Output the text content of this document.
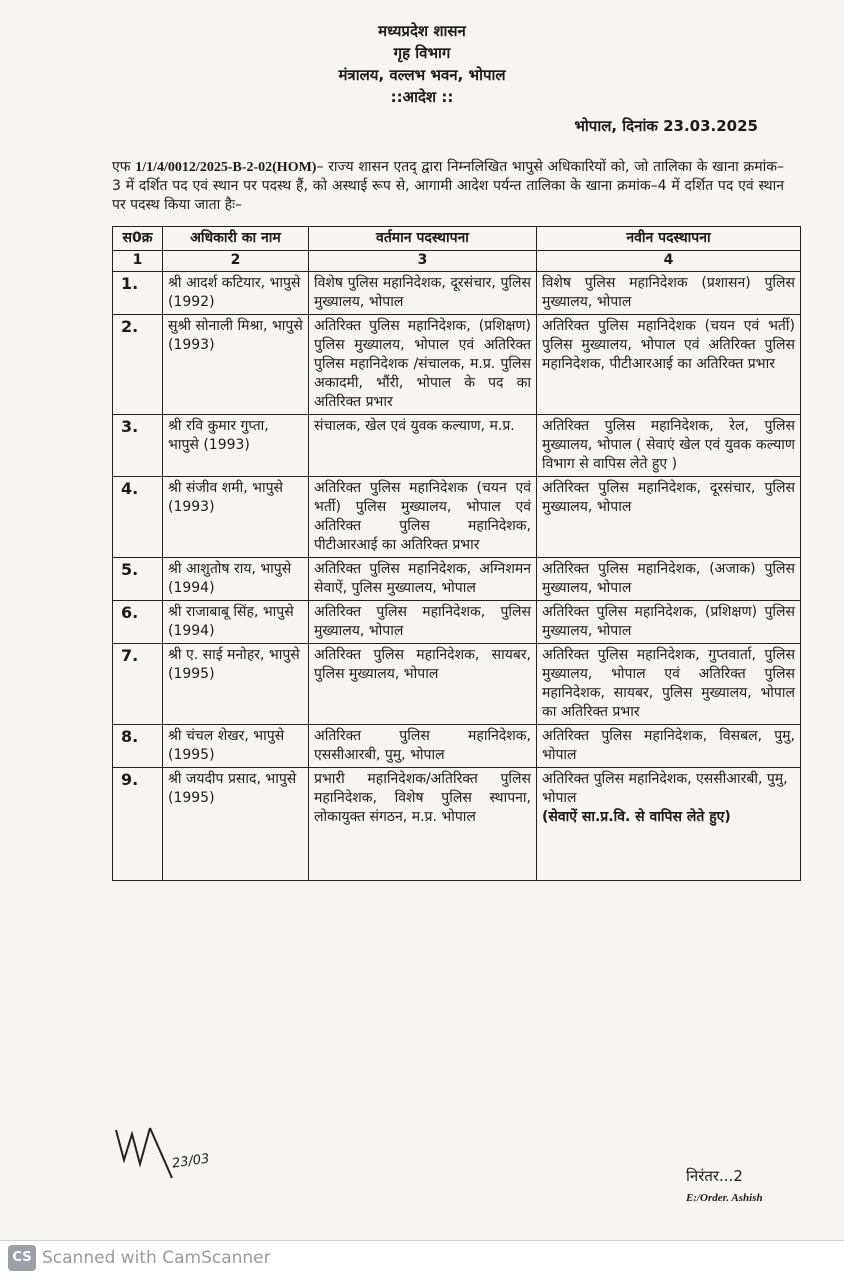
मध्यप्रदेश शासन
गृह विभाग
मंत्रालय, वल्लभ भवन, भोपाल
::आदेश ::
भोपाल, दिनांक 23.03.2025
एफ 1/1/4/0012/2025-B-2-02(HOM)– राज्य शासन एतद् द्वारा निम्नलिखित भापुसे अधिकारियों को, जो तालिका के खाना क्रमांक–3 में दर्शित पद एवं स्थान पर पदस्थ हैं, को अस्थाई रूप से, आगामी आदेश पर्यन्त तालिका के खाना क्रमांक–4 में दर्शित पद एवं स्थान पर पदस्थ किया जाता हैः–
स0क्र	अधिकारी का नाम	वर्तमान पदस्थापना	नवीन पदस्थापना
1	2	3	4
1.	श्री आदर्श कटियार, भापुसे (1992)	विशेष पुलिस महानिदेशक, दूरसंचार, पुलिस मुख्यालय, भोपाल	विशेष पुलिस महानिदेशक (प्रशासन) पुलिस मुख्यालय, भोपाल
2.	सुश्री सोनाली मिश्रा, भापुसे (1993)	अतिरिक्त पुलिस महानिदेशक, (प्रशिक्षण) पुलिस मुख्यालय, भोपाल एवं अतिरिक्त पुलिस महानिदेशक /संचालक, म.प्र. पुलिस अकादमी, भौंरी, भोपाल के पद का अतिरिक्त प्रभार	अतिरिक्त पुलिस महानिदेशक (चयन एवं भर्ती) पुलिस मुख्यालय, भोपाल एवं अतिरिक्त पुलिस महानिदेशक, पीटीआरआई का अतिरिक्त प्रभार
3.	श्री रवि कुमार गुप्ता, भापुसे (1993)	संचालक, खेल एवं युवक कल्याण, म.प्र.	अतिरिक्त पुलिस महानिदेशक, रेल, पुलिस मुख्यालय, भोपाल ( सेवाएं खेल एवं युवक कल्याण विभाग से वापिस लेते हुए )
4.	श्री संजीव शमी, भापुसे (1993)	अतिरिक्त पुलिस महानिदेशक (चयन एवं भर्ती) पुलिस मुख्यालय, भोपाल एवं अतिरिक्त पुलिस महानिदेशक, पीटीआरआई का अतिरिक्त प्रभार	अतिरिक्त पुलिस महानिदेशक, दूरसंचार, पुलिस मुख्यालय, भोपाल
5.	श्री आशुतोष राय, भापुसे (1994)	अतिरिक्त पुलिस महानिदेशक, अग्निशमन सेवाऐं, पुलिस मुख्यालय, भोपाल	अतिरिक्त पुलिस महानिदेशक, (अजाक) पुलिस मुख्यालय, भोपाल
6.	श्री राजाबाबू सिंह, भापुसे (1994)	अतिरिक्त पुलिस महानिदेशक, पुलिस मुख्यालय, भोपाल	अतिरिक्त पुलिस महानिदेशक, (प्रशिक्षण) पुलिस मुख्यालय, भोपाल
7.	श्री ए. साई मनोहर, भापुसे (1995)	अतिरिक्त पुलिस महानिदेशक, सायबर, पुलिस मुख्यालय, भोपाल	अतिरिक्त पुलिस महानिदेशक, गुप्तवार्ता, पुलिस मुख्यालय, भोपाल एवं अतिरिक्त पुलिस महानिदेशक, सायबर, पुलिस मुख्यालय, भोपाल का अतिरिक्त प्रभार
8.	श्री चंचल शेखर, भापुसे (1995)	अतिरिक्त पुलिस महानिदेशक, एससीआरबी, पुमु, भोपाल	अतिरिक्त पुलिस महानिदेशक, विसबल, पुमु, भोपाल
9.	श्री जयदीप प्रसाद, भापुसे (1995)	प्रभारी महानिदेशक/अतिरिक्त पुलिस महानिदेशक, विशेष पुलिस स्थापना, लोकायुक्त संगठन, म.प्र. भोपाल	अतिरिक्त पुलिस महानिदेशक, एससीआरबी, पुमु, भोपाल
(सेवाऐं सा.प्र.वि. से वापिस लेते हुए)
23/03
निरंतर...2
E:/Order. Ashish
CS Scanned with CamScanner
